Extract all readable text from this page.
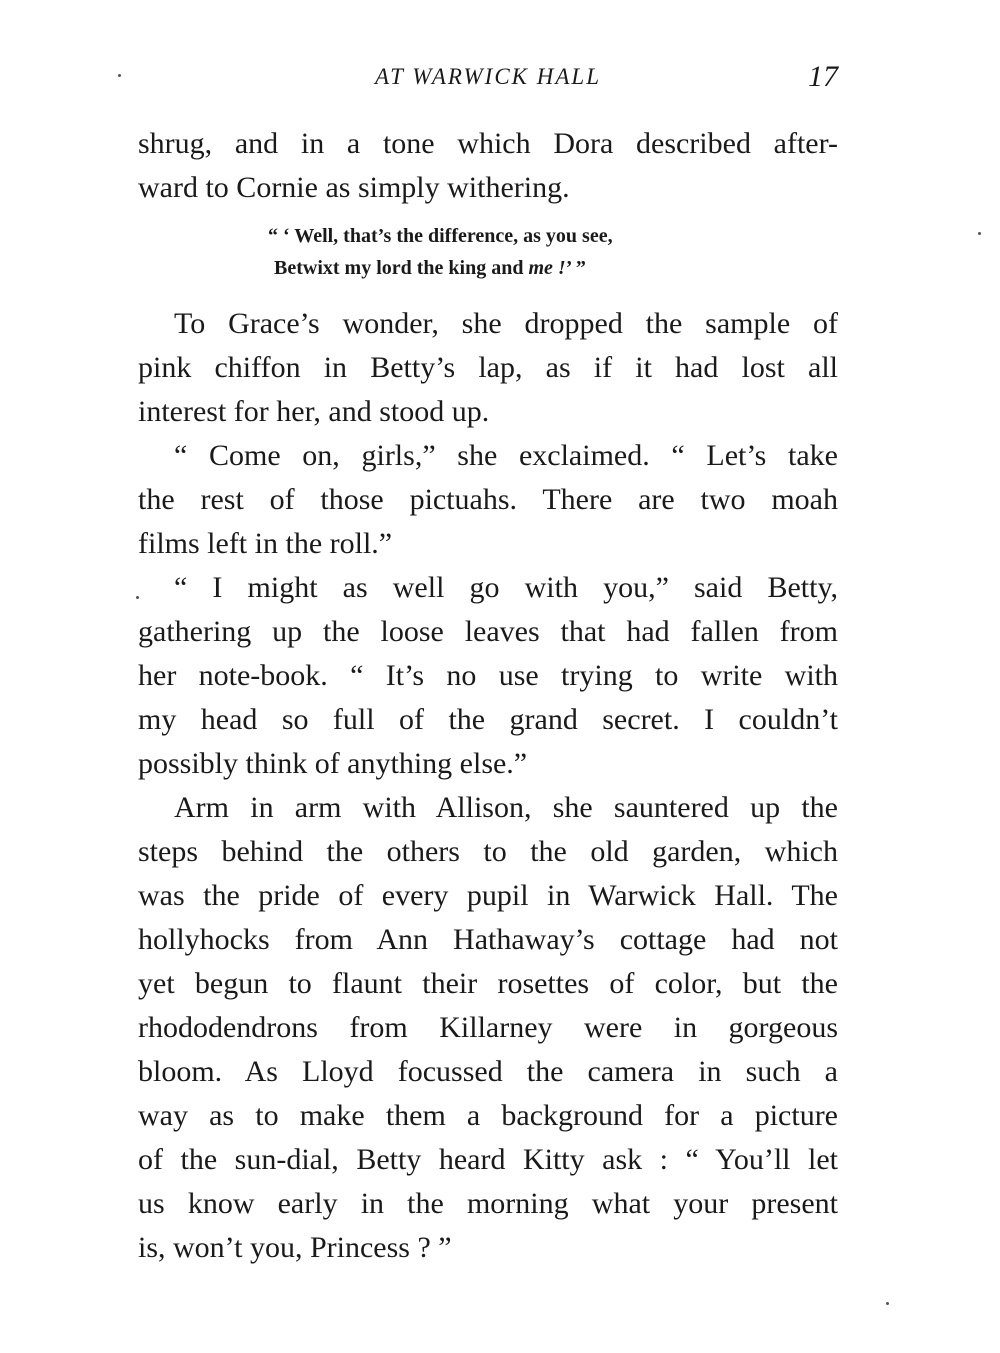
AT WARWICK HALL	17
shrug, and in a tone which Dora described after-
ward to Cornie as simply withering.
“ ‘ Well, that’s the difference, as you see,
Betwixt my lord the king and me !’ ”
To Grace’s wonder, she dropped the sample of
pink chiffon in Betty’s lap, as if it had lost all
interest for her, and stood up.
“ Come on, girls,” she exclaimed. “ Let’s take
the rest of those pictuahs. There are two moah
films left in the roll.”
“ I might as well go with you,” said Betty,
gathering up the loose leaves that had fallen from
her note-book. “ It’s no use trying to write with
my head so full of the grand secret. I couldn’t
possibly think of anything else.”
Arm in arm with Allison, she sauntered up the
steps behind the others to the old garden, which
was the pride of every pupil in Warwick Hall. The
hollyhocks from Ann Hathaway’s cottage had not
yet begun to flaunt their rosettes of color, but the
rhododendrons from Killarney were in gorgeous
bloom. As Lloyd focussed the camera in such a
way as to make them a background for a picture
of the sun-dial, Betty heard Kitty ask : “ You’ll let
us know early in the morning what your present
is, won’t you, Princess ? ”
